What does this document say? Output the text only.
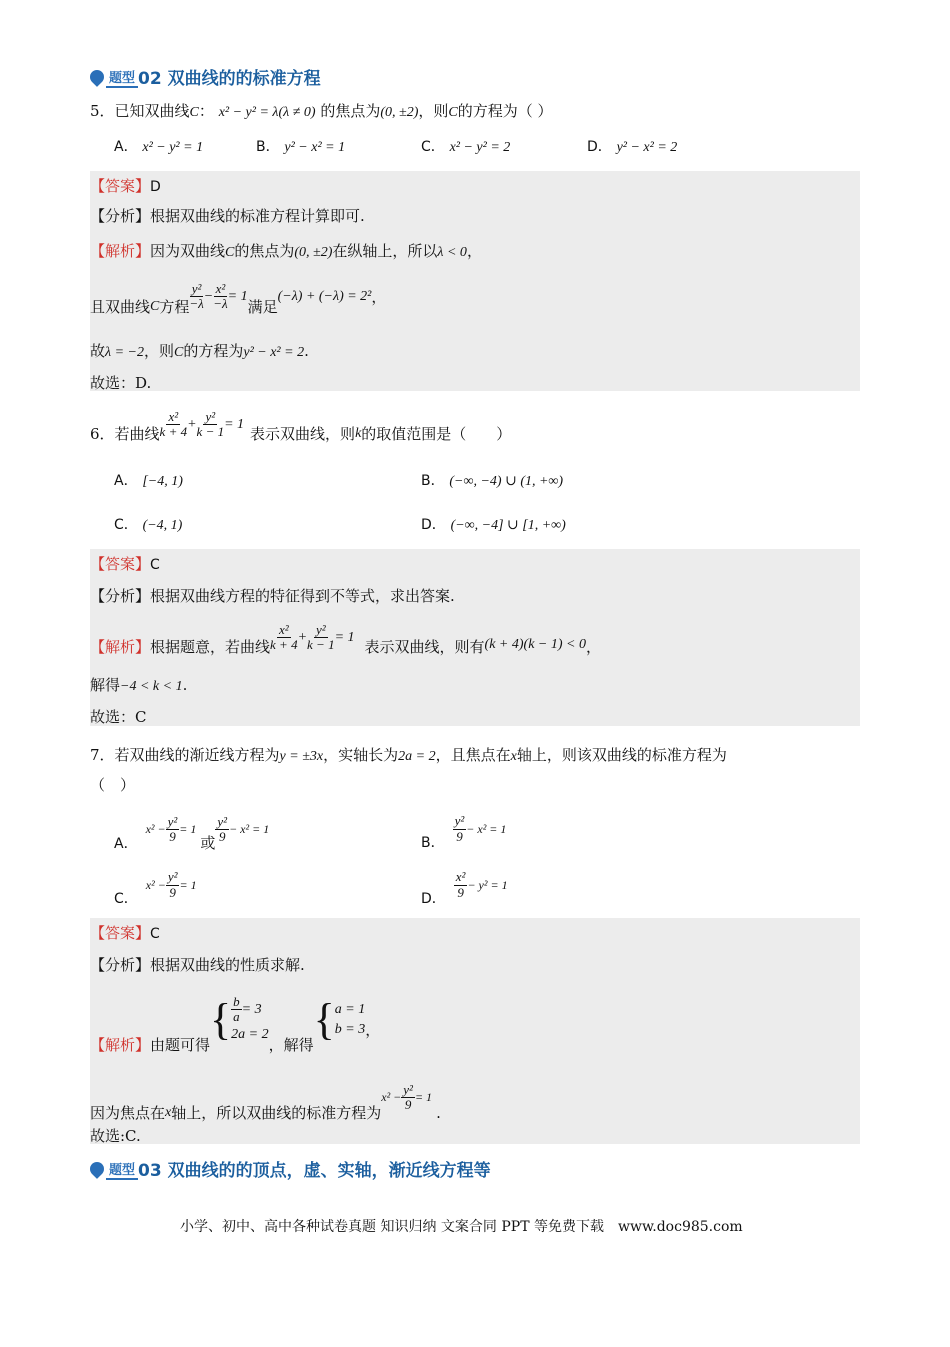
题型 02 双曲线的的标准方程
5．已知双曲线C： x² − y² = λ(λ ≠ 0) 的焦点为(0, ±2)，则C的方程为（ ）
A． x² − y² = 1	B． y² − x² = 1	C． x² − y² = 2	D． y² − x² = 2
【答案】D
【分析】根据双曲线的标准方程计算即可.
【解析】因为双曲线C的焦点为(0, ±2)在纵轴上，所以λ < 0，
且双曲线 C 方程 $\frac{\text{y²}}{-\lambda} - \frac{\text{x²}}{-\lambda} = 1$
满足
(−λ) + (−λ) = 2² ，
故λ = −2，则C的方程为y² − x² = 2.
故选：D.
6．若曲线 $\frac{\text{x²}}{k + 4} + \frac{\text{y²}}{k - 1} = 1$
表示双曲线，则 k 的取值范围是（　　）
A． [−4, 1)	B． (−∞, −4) ∪ (1, +∞)
C． (−4, 1)	D． (−∞, −4] ∪ [1, +∞)
【答案】C
【分析】根据双曲线方程的特征得到不等式，求出答案.
【解析】 根据题意，若曲线 $\frac{\text{x²}}{k + 4} + \frac{\text{y²}}{k - 1} = 1$
表示双曲线，则有 (k + 4)(k − 1) < 0 ，
解得−4 < k < 1.
故选：C
7．若双曲线的渐近线方程为y = ±3x，实轴长为2a = 2，且焦点在x轴上，则该双曲线的标准方程为
（　）
A．
$x^2 - \frac{\text{y²}}{9} = 1$
或 $\frac{\text{y²}}{9} - x^2 = 1$
B． $\frac{\text{y²}}{9} - x^2 = 1$
C．
$x^2 - \frac{\text{y²}}{9} = 1$
D． $\frac{\text{x²}}{9} - y^2 = 1$
【答案】C
【分析】根据双曲线的性质求解.
【解析】 由题可得
{ $\frac{b}{a} = 3$
2a = 2
，解得
{ a = 1
b = 3 ，
因为焦点在 x 轴上，所以双曲线的标准方程为
$x^2 - \frac{\text{y²}}{9} = 1$
.
故选:C.
题型 03 双曲线的的顶点，虚、实轴，渐近线方程等
小学、初中、高中各种试卷真题 知识归纳 文案合同 PPT 等免费下载　www.doc985.com
